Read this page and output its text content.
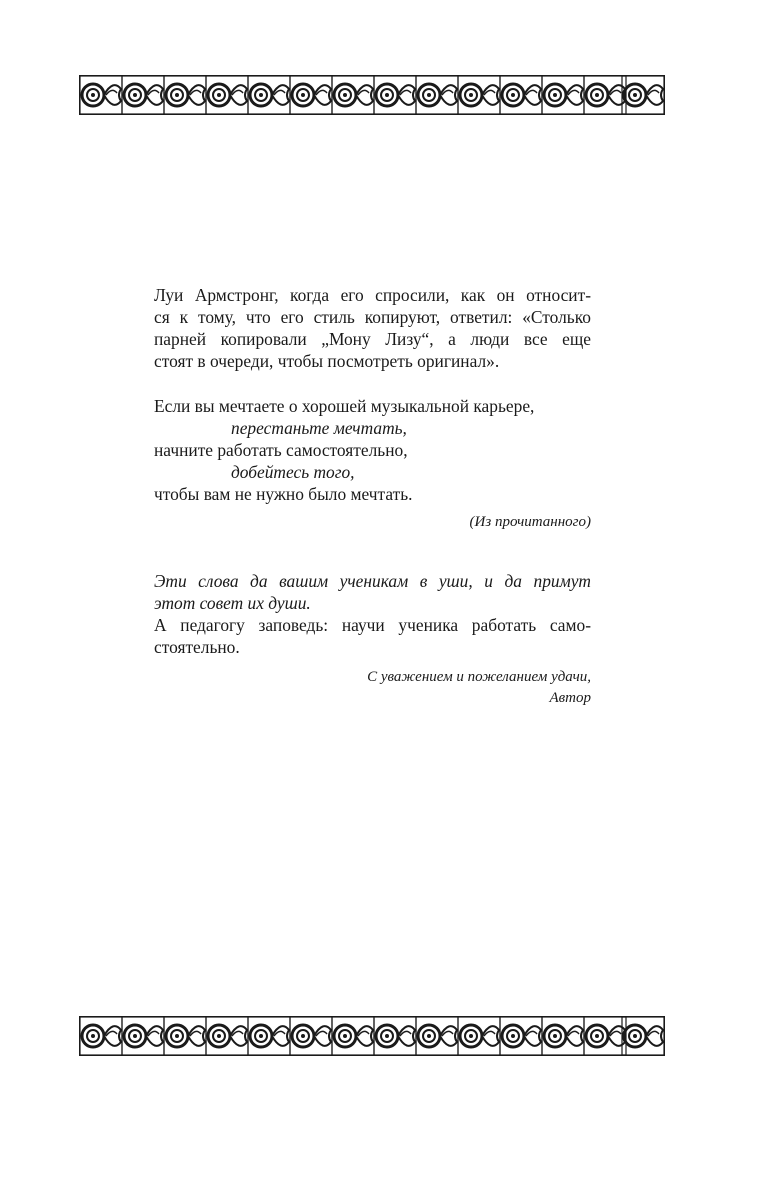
Луи Армстронг, когда его спросили, как он относит-
ся к тому, что его стиль копируют, ответил: «Столько
парней копировали „Мону Лизу“, а люди все еще
стоят в очереди, чтобы посмотреть оригинал».
Если вы мечтаете о хорошей музыкальной карьере,
перестаньте мечтать,
начните работать самостоятельно,
добейтесь того,
чтобы вам не нужно было мечтать.
(Из прочитанного)
Эти слова да вашим ученикам в уши, и да примут
этот совет их души.
А педагогу заповедь: научи ученика работать само-
стоятельно.
С уважением и пожеланием удачи,
Автор
